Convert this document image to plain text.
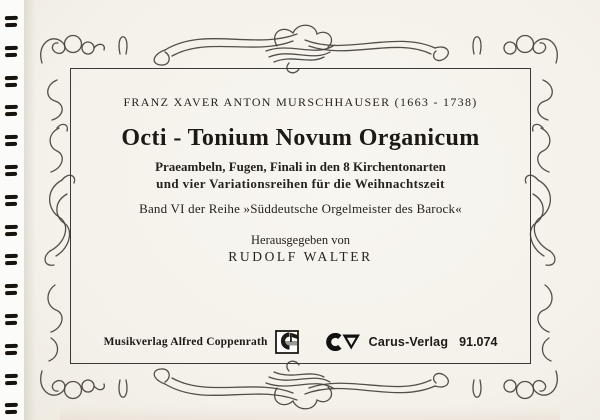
FRANZ XAVER ANTON MURSCHHAUSER (1663 - 1738)
Octi - Tonium Novum Organicum
Praeambeln, Fugen, Finali in den 8 Kirchentonarten
und vier Variationsreihen für die Weihnachtszeit
Band VI der Reihe »Süddeutsche Orgelmeister des Barock«
Herausgegeben von
RUDOLF WALTER
Musikverlag Alfred Coppenrath	Carus-Verlag 91.074
